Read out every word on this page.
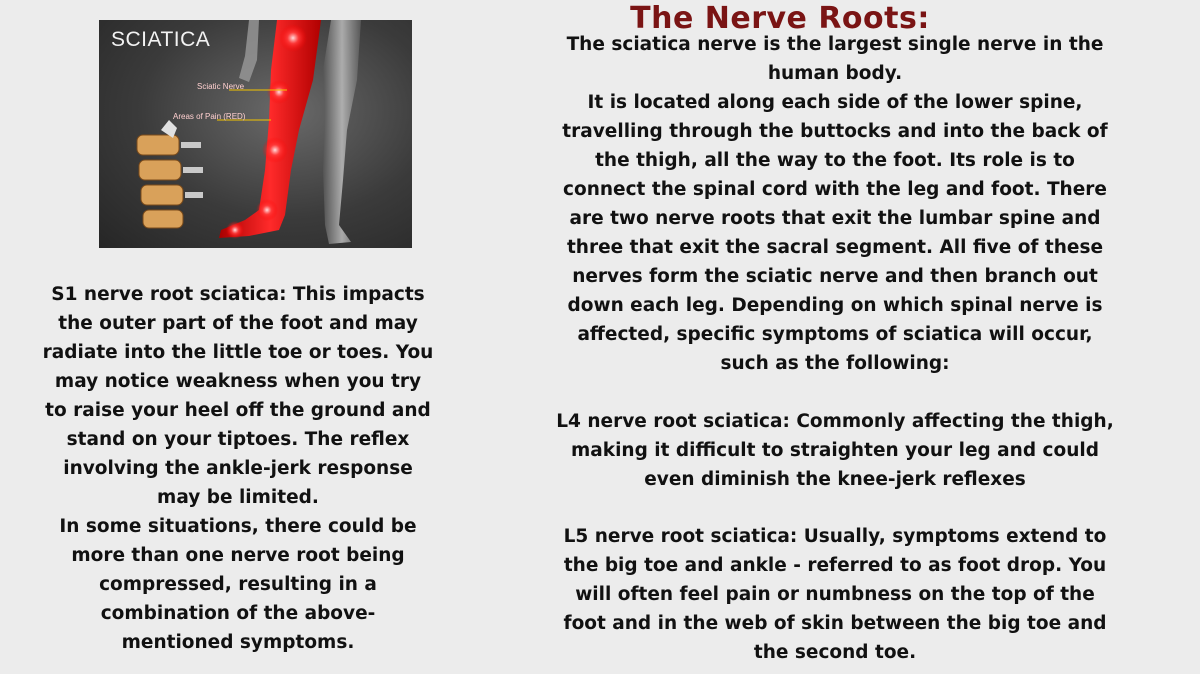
SCIATICA
Sciatic Nerve
Areas of Pain (RED)
The Nerve Roots:

The sciatica nerve is the largest single nerve in the

human body.

It is located along each side of the lower spine,

travelling through the buttocks and into the back of

the thigh, all the way to the foot. Its role is to

connect the spinal cord with the leg and foot. There

are two nerve roots that exit the lumbar spine and

three that exit the sacral segment. All five of these

nerves form the sciatic nerve and then branch out

down each leg. Depending on which spinal nerve is

affected, specific symptoms of sciatica will occur,

such as the following:

L4 nerve root sciatica: Commonly affecting the thigh,

making it difficult to straighten your leg and could

even diminish the knee-jerk reflexes

L5 nerve root sciatica: Usually, symptoms extend to

the big toe and ankle - referred to as foot drop. You

will often feel pain or numbness on the top of the

foot and in the web of skin between the big toe and

the second toe.

S1 nerve root sciatica: This impacts

the outer part of the foot and may

radiate into the little toe or toes. You

may notice weakness when you try

to raise your heel off the ground and

stand on your tiptoes. The reflex

involving the ankle-jerk response

may be limited.

In some situations, there could be

more than one nerve root being

compressed, resulting in a

combination of the above-

mentioned symptoms.
